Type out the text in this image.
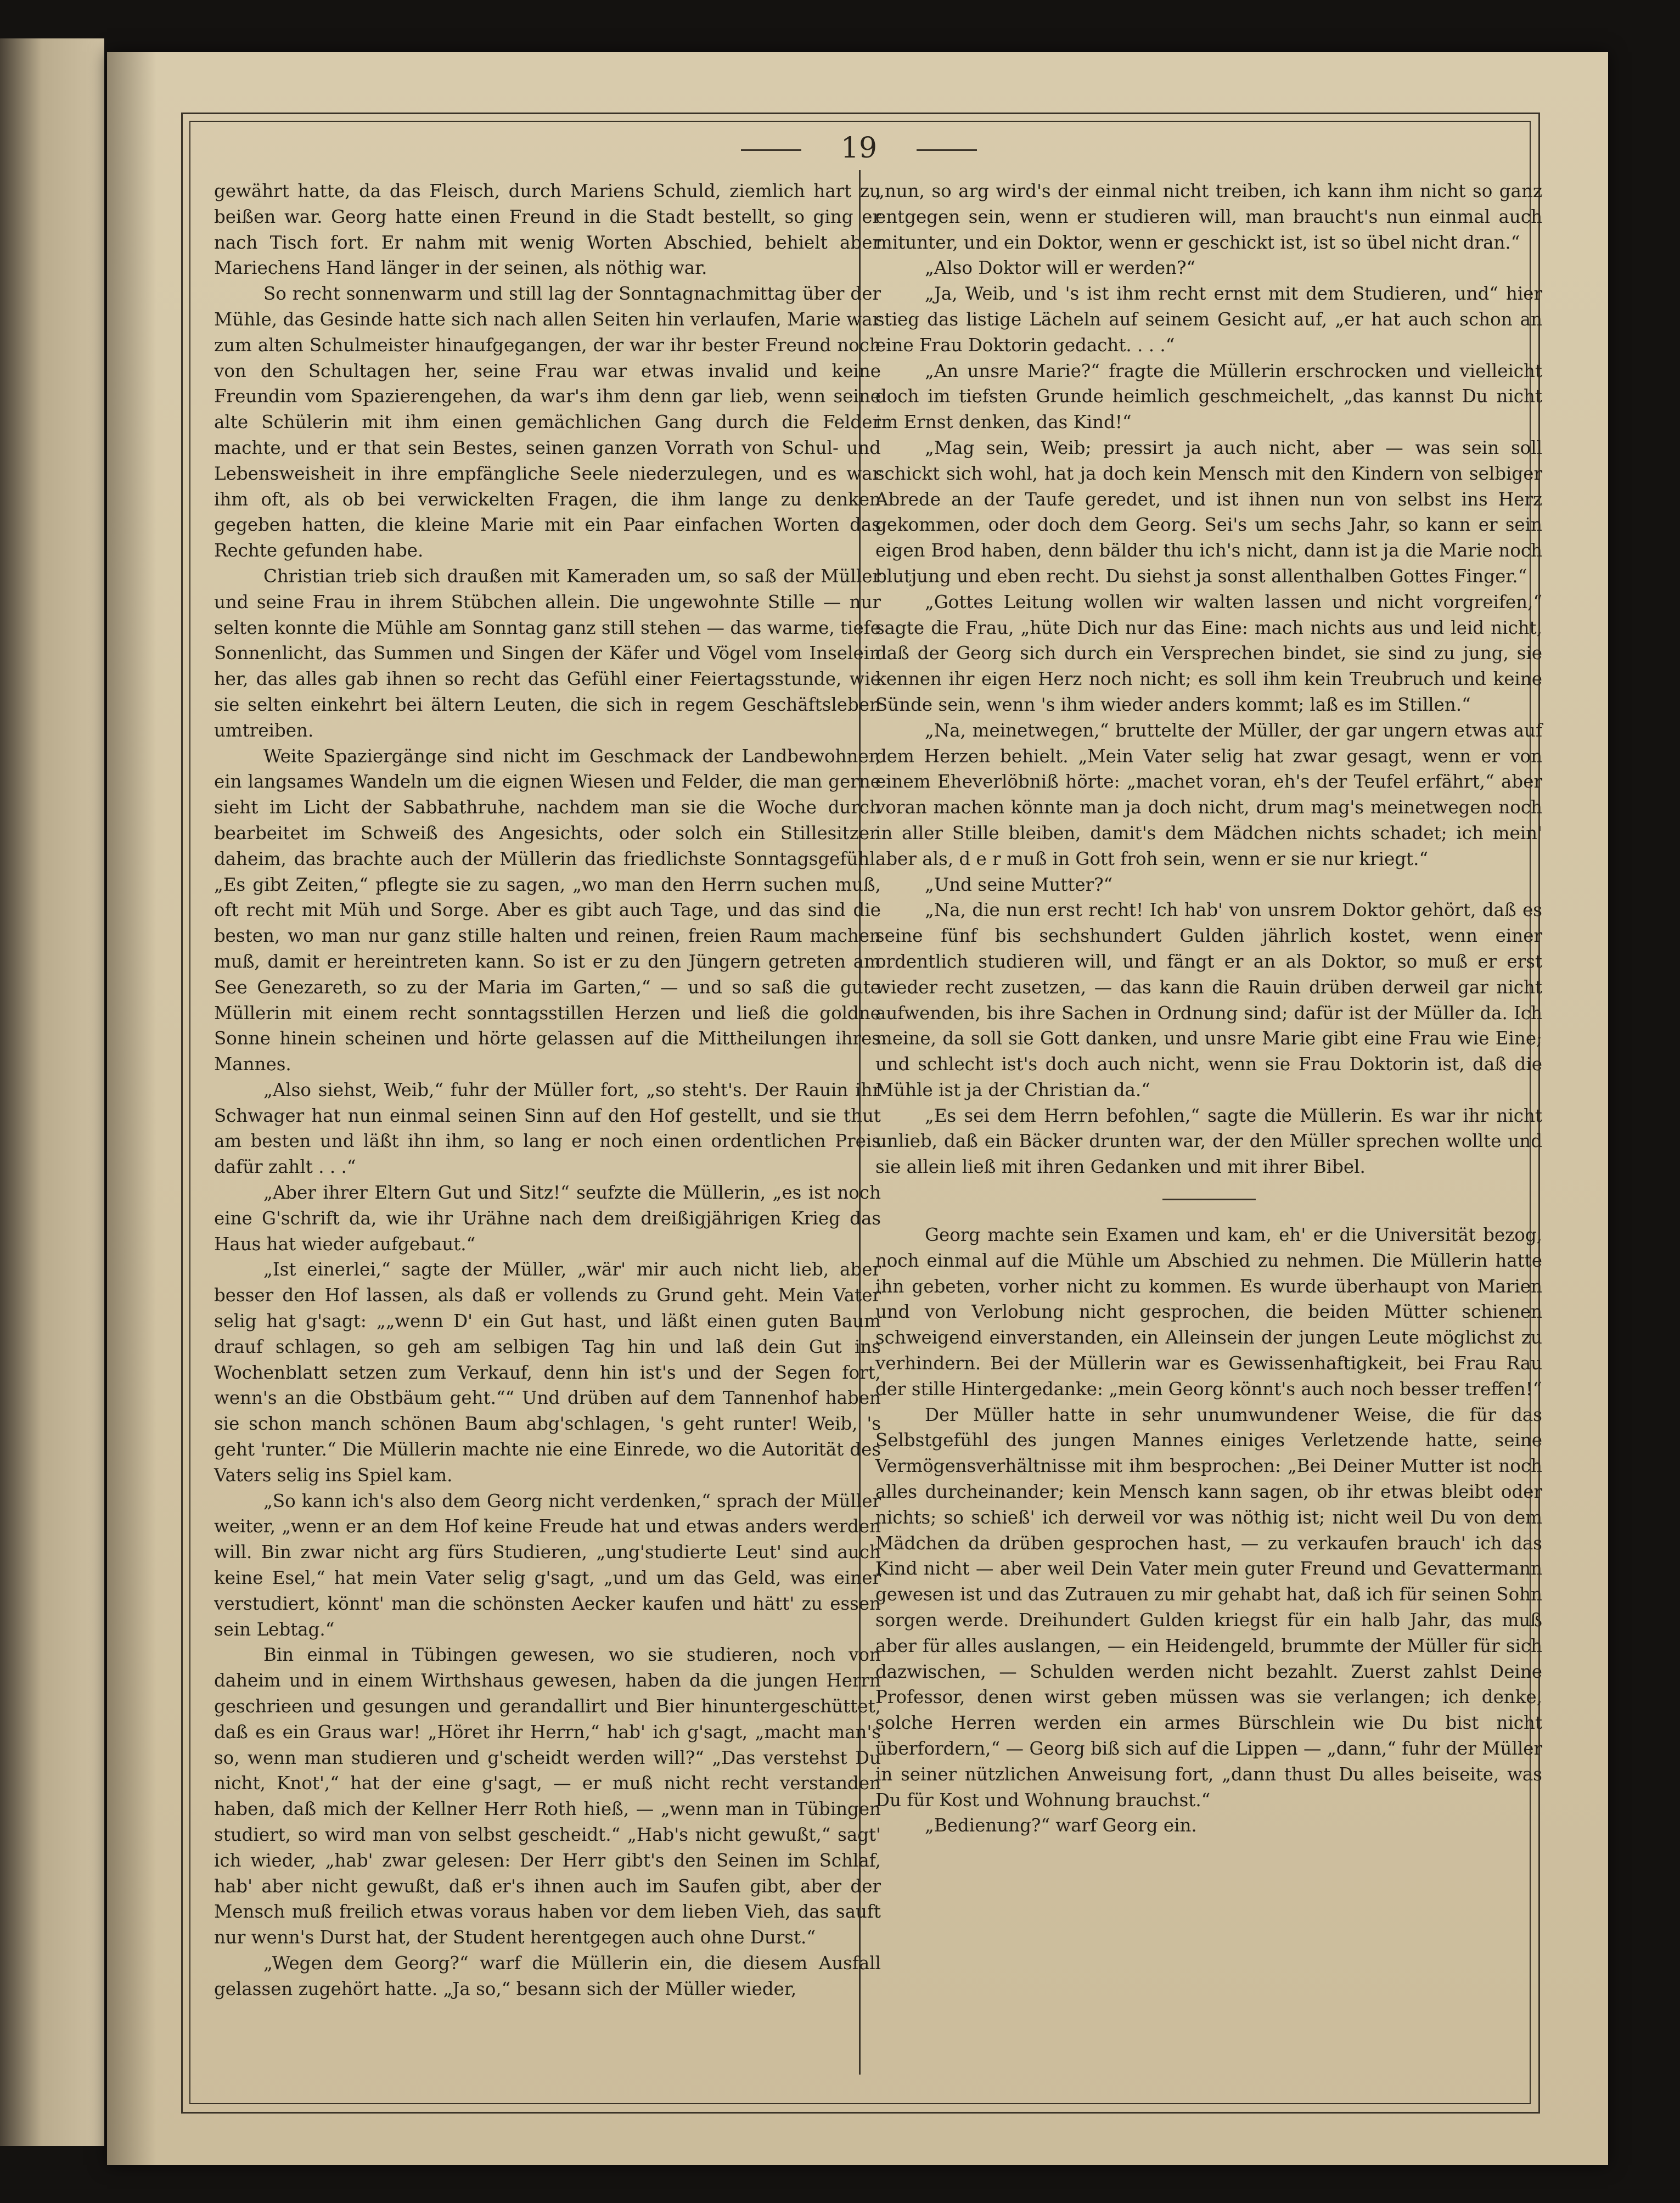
19

gewährt hatte, da das Fleisch, durch Mariens Schuld, ziemlich hart zu beißen war. Georg hatte einen Freund in die Stadt bestellt, so ging er nach Tisch fort. Er nahm mit wenig Worten Abschied, behielt aber Mariechens Hand länger in der seinen, als nöthig war.

So recht sonnenwarm und still lag der Sonntagnachmittag über der Mühle, das Gesinde hatte sich nach allen Seiten hin verlaufen, Marie war zum alten Schulmeister hinaufgegangen, der war ihr bester Freund noch von den Schultagen her, seine Frau war etwas invalid und keine Freundin vom Spazierengehen, da war's ihm denn gar lieb, wenn seine alte Schülerin mit ihm einen gemächlichen Gang durch die Felder machte, und er that sein Bestes, seinen ganzen Vorrath von Schul- und Lebensweisheit in ihre empfängliche Seele niederzulegen, und es war ihm oft, als ob bei verwickelten Fragen, die ihm lange zu denken gegeben hatten, die kleine Marie mit ein Paar einfachen Worten das Rechte gefunden habe.

Christian trieb sich draußen mit Kameraden um, so saß der Müller und seine Frau in ihrem Stübchen allein. Die ungewohnte Stille — nur selten konnte die Mühle am Sonntag ganz still stehen — das warme, tiefe Sonnenlicht, das Summen und Singen der Käfer und Vögel vom Inselein her, das alles gab ihnen so recht das Gefühl einer Feiertagsstunde, wie sie selten einkehrt bei ältern Leuten, die sich in regem Geschäftsleben umtreiben.

Weite Spaziergänge sind nicht im Geschmack der Landbewohner, ein langsames Wandeln um die eignen Wiesen und Felder, die man gerne sieht im Licht der Sabbathruhe, nachdem man sie die Woche durch bearbeitet im Schweiß des Angesichts, oder solch ein Stillesitzen daheim, das brachte auch der Müllerin das friedlichste Sonntagsgefühl. „Es gibt Zeiten,“ pflegte sie zu sagen, „wo man den Herrn suchen muß, oft recht mit Müh und Sorge. Aber es gibt auch Tage, und das sind die besten, wo man nur ganz stille halten und reinen, freien Raum machen muß, damit er hereintreten kann. So ist er zu den Jüngern getreten am See Genezareth, so zu der Maria im Garten,“ — und so saß die gute Müllerin mit einem recht sonntagsstillen Herzen und ließ die goldne Sonne hinein scheinen und hörte gelassen auf die Mittheilungen ihres Mannes.

„Also siehst, Weib,“ fuhr der Müller fort, „so steht's. Der Rauin ihr Schwager hat nun einmal seinen Sinn auf den Hof gestellt, und sie thut am besten und läßt ihn ihm, so lang er noch einen ordentlichen Preis dafür zahlt . . .“

„Aber ihrer Eltern Gut und Sitz!“ seufzte die Müllerin, „es ist noch eine G'schrift da, wie ihr Urähne nach dem dreißigjährigen Krieg das Haus hat wieder aufgebaut.“

„Ist einerlei,“ sagte der Müller, „wär' mir auch nicht lieb, aber besser den Hof lassen, als daß er vollends zu Grund geht. Mein Vater selig hat g'sagt: „„wenn D' ein Gut hast, und läßt einen guten Baum drauf schlagen, so geh am selbigen Tag hin und laß dein Gut ins Wochenblatt setzen zum Verkauf, denn hin ist's und der Segen fort, wenn's an die Obstbäum geht.““ Und drüben auf dem Tannenhof haben sie schon manch schönen Baum abg'schlagen, 's geht runter! Weib, 's geht 'runter.“ Die Müllerin machte nie eine Einrede, wo die Autorität des Vaters selig ins Spiel kam.

„So kann ich's also dem Georg nicht verdenken,“ sprach der Müller weiter, „wenn er an dem Hof keine Freude hat und etwas anders werden will. Bin zwar nicht arg fürs Studieren, „ung'studierte Leut' sind auch keine Esel,“ hat mein Vater selig g'sagt, „und um das Geld, was einer verstudiert, könnt' man die schönsten Aecker kaufen und hätt' zu essen sein Lebtag.“

Bin einmal in Tübingen gewesen, wo sie studieren, noch von daheim und in einem Wirthshaus gewesen, haben da die jungen Herrn geschrieen und gesungen und gerandallirt und Bier hinuntergeschüttet, daß es ein Graus war! „Höret ihr Herrn,“ hab' ich g'sagt, „macht man's so, wenn man studieren und g'scheidt werden will?“ „Das verstehst Du nicht, Knot',“ hat der eine g'sagt, — er muß nicht recht verstanden haben, daß mich der Kellner Herr Roth hieß, — „wenn man in Tübingen studiert, so wird man von selbst gescheidt.“ „Hab's nicht gewußt,“ sagt' ich wieder, „hab' zwar gelesen: Der Herr gibt's den Seinen im Schlaf, hab' aber nicht gewußt, daß er's ihnen auch im Saufen gibt, aber der Mensch muß freilich etwas voraus haben vor dem lieben Vieh, das sauft nur wenn's Durst hat, der Student herentgegen auch ohne Durst.“

„Wegen dem Georg?“ warf die Müllerin ein, die diesem Ausfall gelassen zugehört hatte. „Ja so,“ besann sich der Müller wieder,

„nun, so arg wird's der einmal nicht treiben, ich kann ihm nicht so ganz entgegen sein, wenn er studieren will, man braucht's nun einmal auch mitunter, und ein Doktor, wenn er geschickt ist, ist so übel nicht dran.“

„Also Doktor will er werden?“

„Ja, Weib, und 's ist ihm recht ernst mit dem Studieren, und“ hier stieg das listige Lächeln auf seinem Gesicht auf, „er hat auch schon an eine Frau Doktorin gedacht. . . .“

„An unsre Marie?“ fragte die Müllerin erschrocken und vielleicht doch im tiefsten Grunde heimlich geschmeichelt, „das kannst Du nicht im Ernst denken, das Kind!“

„Mag sein, Weib; pressirt ja auch nicht, aber — was sein soll schickt sich wohl, hat ja doch kein Mensch mit den Kindern von selbiger Abrede an der Taufe geredet, und ist ihnen nun von selbst ins Herz gekommen, oder doch dem Georg. Sei's um sechs Jahr, so kann er sein eigen Brod haben, denn bälder thu ich's nicht, dann ist ja die Marie noch blutjung und eben recht. Du siehst ja sonst allenthalben Gottes Finger.“

„Gottes Leitung wollen wir walten lassen und nicht vorgreifen,“ sagte die Frau, „hüte Dich nur das Eine: mach nichts aus und leid nicht, daß der Georg sich durch ein Versprechen bindet, sie sind zu jung, sie kennen ihr eigen Herz noch nicht; es soll ihm kein Treubruch und keine Sünde sein, wenn 's ihm wieder anders kommt; laß es im Stillen.“

„Na, meinetwegen,“ bruttelte der Müller, der gar ungern etwas auf dem Herzen behielt. „Mein Vater selig hat zwar gesagt, wenn er von einem Eheverlöbniß hörte: „machet voran, eh's der Teufel erfährt,“ aber voran machen könnte man ja doch nicht, drum mag's meinetwegen noch in aller Stille bleiben, damit's dem Mädchen nichts schadet; ich mein' aber als, d e r muß in Gott froh sein, wenn er sie nur kriegt.“

„Und seine Mutter?“

„Na, die nun erst recht! Ich hab' von unsrem Doktor gehört, daß es seine fünf bis sechshundert Gulden jährlich kostet, wenn einer ordentlich studieren will, und fängt er an als Doktor, so muß er erst wieder recht zusetzen, — das kann die Rauin drüben derweil gar nicht aufwenden, bis ihre Sachen in Ordnung sind; dafür ist der Müller da. Ich meine, da soll sie Gott danken, und unsre Marie gibt eine Frau wie Eine; und schlecht ist's doch auch nicht, wenn sie Frau Doktorin ist, daß die Mühle ist ja der Christian da.“

„Es sei dem Herrn befohlen,“ sagte die Müllerin. Es war ihr nicht unlieb, daß ein Bäcker drunten war, der den Müller sprechen wollte und sie allein ließ mit ihren Gedanken und mit ihrer Bibel.

Georg machte sein Examen und kam, eh' er die Universität bezog, noch einmal auf die Mühle um Abschied zu nehmen. Die Müllerin hatte ihn gebeten, vorher nicht zu kommen. Es wurde überhaupt von Marien und von Verlobung nicht gesprochen, die beiden Mütter schienen schweigend einverstanden, ein Alleinsein der jungen Leute möglichst zu verhindern. Bei der Müllerin war es Gewissenhaftigkeit, bei Frau Rau der stille Hintergedanke: „mein Georg könnt's auch noch besser treffen!“

Der Müller hatte in sehr unumwundener Weise, die für das Selbstgefühl des jungen Mannes einiges Verletzende hatte, seine Vermögensverhältnisse mit ihm besprochen: „Bei Deiner Mutter ist noch alles durcheinander; kein Mensch kann sagen, ob ihr etwas bleibt oder nichts; so schieß' ich derweil vor was nöthig ist; nicht weil Du von dem Mädchen da drüben gesprochen hast, — zu verkaufen brauch' ich das Kind nicht — aber weil Dein Vater mein guter Freund und Gevattermann gewesen ist und das Zutrauen zu mir gehabt hat, daß ich für seinen Sohn sorgen werde. Dreihundert Gulden kriegst für ein halb Jahr, das muß aber für alles auslangen, — ein Heidengeld, brummte der Müller für sich dazwischen, — Schulden werden nicht bezahlt. Zuerst zahlst Deine Professor, denen wirst geben müssen was sie verlangen; ich denke, solche Herren werden ein armes Bürschlein wie Du bist nicht überfordern,“ — Georg biß sich auf die Lippen — „dann,“ fuhr der Müller in seiner nützlichen Anweisung fort, „dann thust Du alles beiseite, was Du für Kost und Wohnung brauchst.“

„Bedienung?“ warf Georg ein.
